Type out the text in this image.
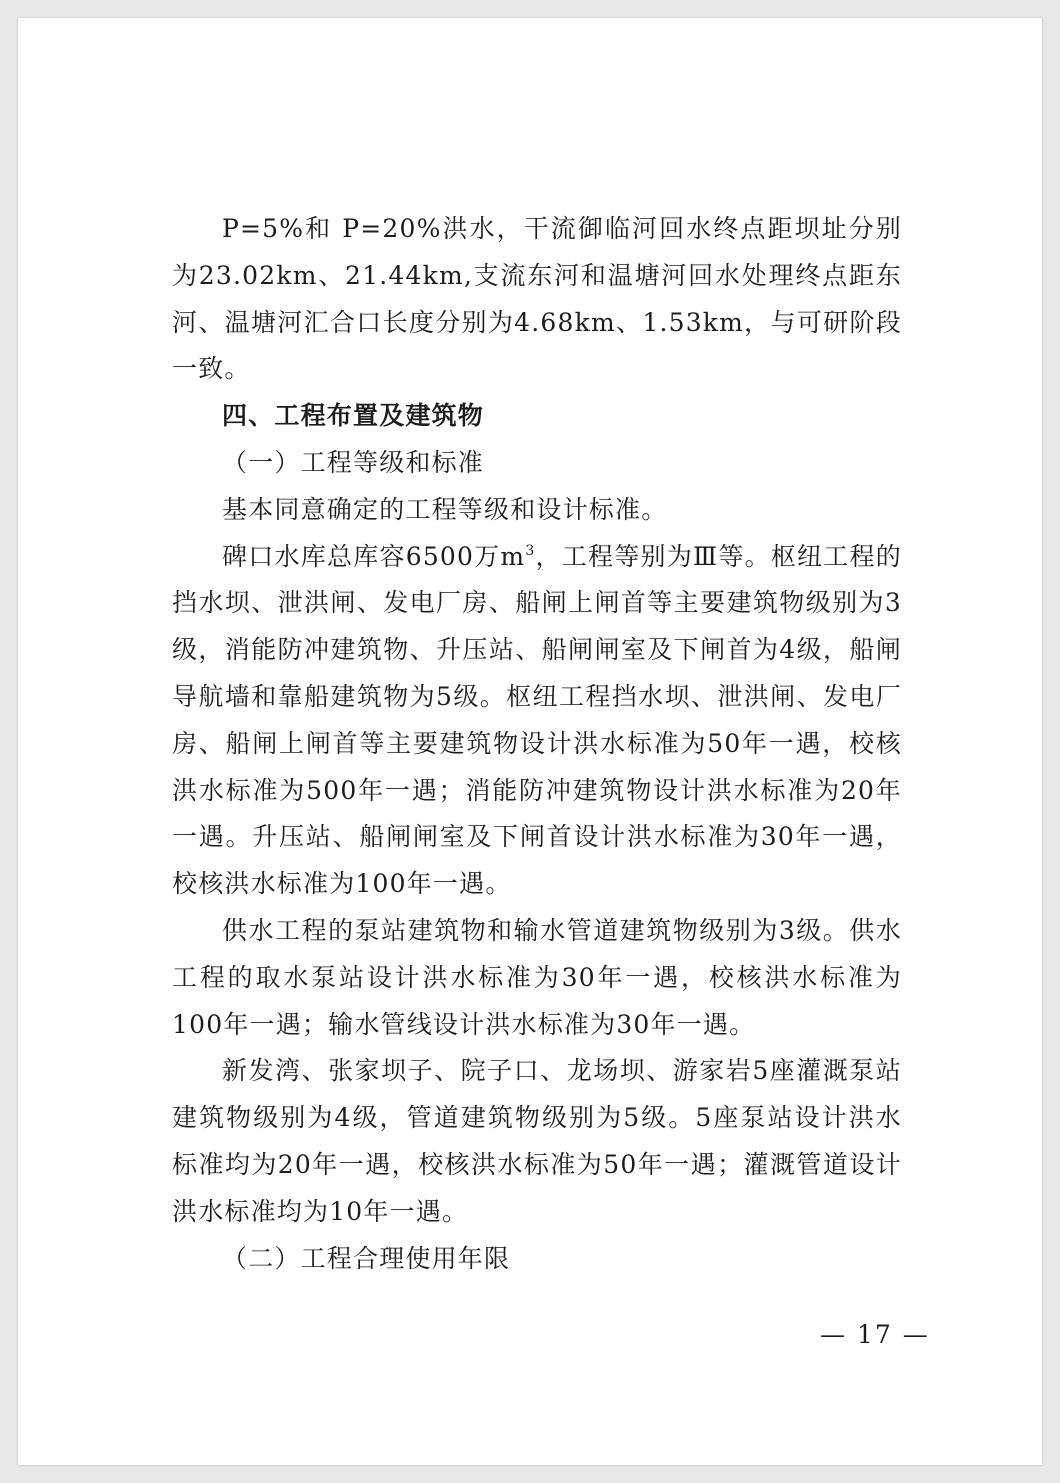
P=5%和 P=20%洪水，干流御临河回水终点距坝址分别为23.02km、21.44km,支流东河和温塘河回水处理终点距东河、温塘河汇合口长度分别为4.68km、1.53km，与可研阶段一致。

四、工程布置及建筑物

（一）工程等级和标准

基本同意确定的工程等级和设计标准。

碑口水库总库容6500万$m^3$，工程等别为Ⅲ等。枢纽工程的挡水坝、泄洪闸、发电厂房、船闸上闸首等主要建筑物级别为3级，消能防冲建筑物、升压站、船闸闸室及下闸首为4级，船闸导航墙和靠船建筑物为5级。枢纽工程挡水坝、泄洪闸、发电厂房、船闸上闸首等主要建筑物设计洪水标准为50年一遇，校核洪水标准为500年一遇；消能防冲建筑物设计洪水标准为20年一遇。升压站、船闸闸室及下闸首设计洪水标准为30年一遇，校核洪水标准为100年一遇。

供水工程的泵站建筑物和输水管道建筑物级别为3级。供水工程的取水泵站设计洪水标准为30年一遇，校核洪水标准为100年一遇；输水管线设计洪水标准为30年一遇。

新发湾、张家坝子、院子口、龙场坝、游家岩5座灌溉泵站建筑物级别为4级，管道建筑物级别为5级。5座泵站设计洪水标准均为20年一遇，校核洪水标准为50年一遇；灌溉管道设计洪水标准均为10年一遇。

（二）工程合理使用年限

— 17 —
